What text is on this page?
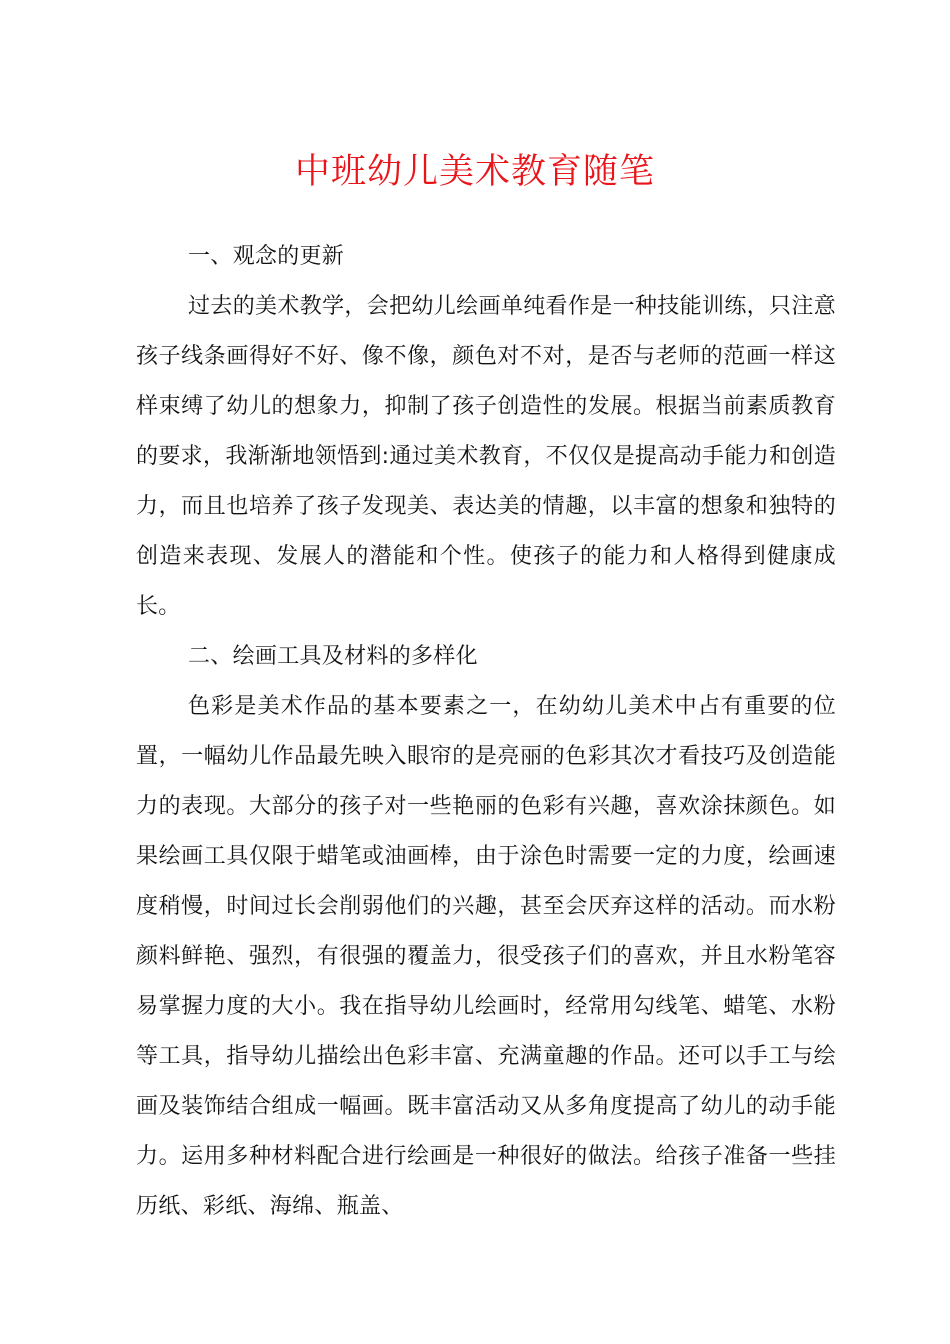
中班幼儿美术教育随笔

一、观念的更新

过去的美术教学，会把幼儿绘画单纯看作是一种技能训练，只注意孩子线条画得好不好、像不像，颜色对不对，是否与老师的范画一样这样束缚了幼儿的想象力，抑制了孩子创造性的发展。根据当前素质教育的要求，我渐渐地领悟到:通过美术教育，不仅仅是提高动手能力和创造力，而且也培养了孩子发现美、表达美的情趣，以丰富的想象和独特的创造来表现、发展人的潜能和个性。使孩子的能力和人格得到健康成长。

二、绘画工具及材料的多样化

色彩是美术作品的基本要素之一，在幼幼儿美术中占有重要的位置，一幅幼儿作品最先映入眼帘的是亮丽的色彩其次才看技巧及创造能力的表现。大部分的孩子对一些艳丽的色彩有兴趣，喜欢涂抹颜色。如果绘画工具仅限于蜡笔或油画棒，由于涂色时需要一定的力度，绘画速度稍慢，时间过长会削弱他们的兴趣，甚至会厌弃这样的活动。而水粉颜料鲜艳、强烈，有很强的覆盖力，很受孩子们的喜欢，并且水粉笔容易掌握力度的大小。我在指导幼儿绘画时，经常用勾线笔、蜡笔、水粉等工具，指导幼儿描绘出色彩丰富、充满童趣的作品。还可以手工与绘画及装饰结合组成一幅画。既丰富活动又从多角度提高了幼儿的动手能力。运用多种材料配合进行绘画是一种很好的做法。给孩子准备一些挂历纸、彩纸、海绵、瓶盖、
